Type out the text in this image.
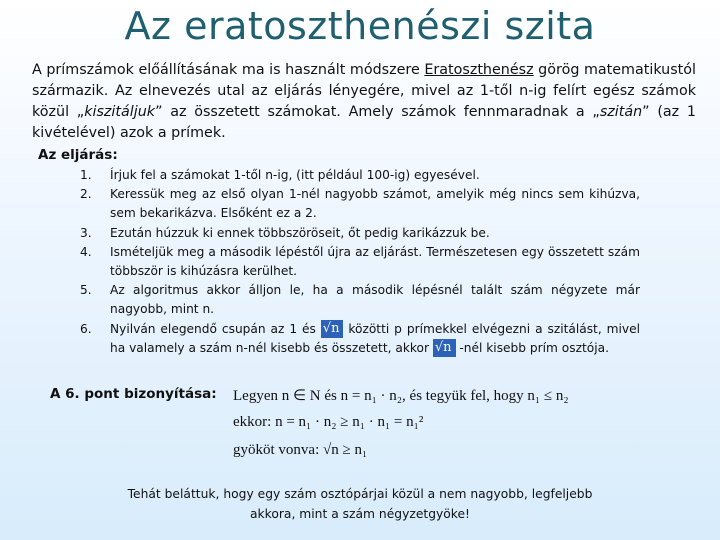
Az eratoszthenészi szita
A prímszámok előállításának ma is használt módszere Eratoszthenész görög matematikustól származik. Az elnevezés utal az eljárás lényegére, mivel az 1-től n-ig felírt egész számok közül „kiszitáljuk” az összetett számokat. Amely számok fennmaradnak a „szitán” (az 1 kivételével) azok a prímek.
Az eljárás:
1. Írjuk fel a számokat 1-től n-ig, (itt például 100-ig) egyesével.
2. Keressük meg az első olyan 1-nél nagyobb számot, amelyik még nincs sem kihúzva, sem bekarikázva. Elsőként ez a 2.
3. Ezután húzzuk ki ennek többszöröseit, őt pedig karikázzuk be.
4. Ismételjük meg a második lépéstől újra az eljárást. Természetesen egy összetett szám többször is kihúzásra kerülhet.
5. Az algoritmus akkor álljon le, ha a második lépésnél talált szám négyzete már nagyobb, mint n.
6. Nyilván elegendő csupán az 1 és √n közötti p prímekkel elvégezni a szitálást, mivel ha valamely a szám n-nél kisebb és összetett, akkor √n -nél kisebb prím osztója.
A 6. pont bizonyítása: Legyen n ∈ N és n = n₁ · n₂, és tegyük fel, hogy n₁ ≤ n₂
ekkor: n = n₁ · n₂ ≥ n₁ · n₁ = n₁²
gyököt vonva: √n ≥ n₁
Tehát beláttuk, hogy egy szám osztópárjai közül a nem nagyobb, legfeljebb akkora, mint a szám négyzetgyöke!
